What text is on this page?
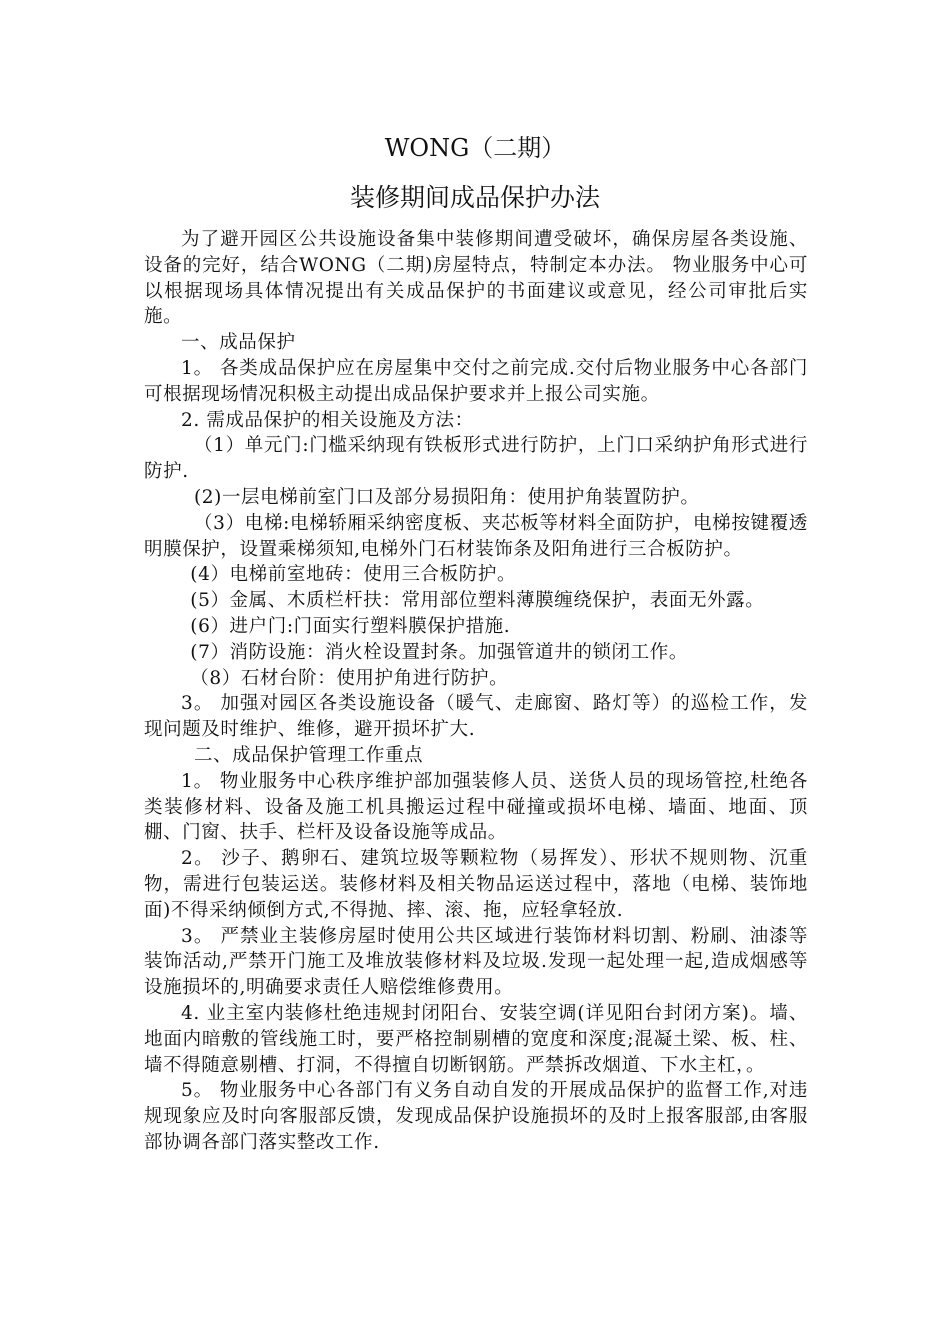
WONG（二期）
装修期间成品保护办法

为了避开园区公共设施设备集中装修期间遭受破坏，确保房屋各类设施、设备的完好，结合WONG（二期)房屋特点，特制定本办法。 物业服务中心可以根据现场具体情况提出有关成品保护的书面建议或意见，经公司审批后实施。

一、成品保护

1。 各类成品保护应在房屋集中交付之前完成.交付后物业服务中心各部门可根据现场情况积极主动提出成品保护要求并上报公司实施。

2. 需成品保护的相关设施及方法：

（1）单元门:门槛采纳现有铁板形式进行防护，上门口采纳护角形式进行防护.

(2)一层电梯前室门口及部分易损阳角：使用护角装置防护。

（3）电梯:电梯轿厢采纳密度板、夹芯板等材料全面防护，电梯按键覆透明膜保护，设置乘梯须知,电梯外门石材装饰条及阳角进行三合板防护。

(4）电梯前室地砖：使用三合板防护。

(5）金属、木质栏杆扶：常用部位塑料薄膜缠绕保护，表面无外露。

(6）进户门:门面实行塑料膜保护措施.

(7）消防设施：消火栓设置封条。加强管道井的锁闭工作。

（8）石材台阶：使用护角进行防护。

3。 加强对园区各类设施设备（暖气、走廊窗、路灯等）的巡检工作，发现问题及时维护、维修，避开损坏扩大.

二、成品保护管理工作重点

1。 物业服务中心秩序维护部加强装修人员、送货人员的现场管控,杜绝各类装修材料、设备及施工机具搬运过程中碰撞或损坏电梯、墙面、地面、顶棚、门窗、扶手、栏杆及设备设施等成品。

2。 沙子、鹅卵石、建筑垃圾等颗粒物（易挥发）、形状不规则物、沉重物，需进行包装运送。装修材料及相关物品运送过程中，落地（电梯、装饰地面)不得采纳倾倒方式,不得抛、摔、滚、拖，应轻拿轻放.

3。 严禁业主装修房屋时使用公共区域进行装饰材料切割、粉刷、油漆等装饰活动,严禁开门施工及堆放装修材料及垃圾.发现一起处理一起,造成烟感等设施损坏的,明确要求责任人赔偿维修费用。

4. 业主室内装修杜绝违规封闭阳台、安装空调(详见阳台封闭方案)。墙、地面内暗敷的管线施工时，要严格控制剔槽的宽度和深度;混凝土梁、板、柱、墙不得随意剔槽、打洞，不得擅自切断钢筋。严禁拆改烟道、下水主杠，。

5。 物业服务中心各部门有义务自动自发的开展成品保护的监督工作,对违规现象应及时向客服部反馈，发现成品保护设施损坏的及时上报客服部,由客服部协调各部门落实整改工作.
